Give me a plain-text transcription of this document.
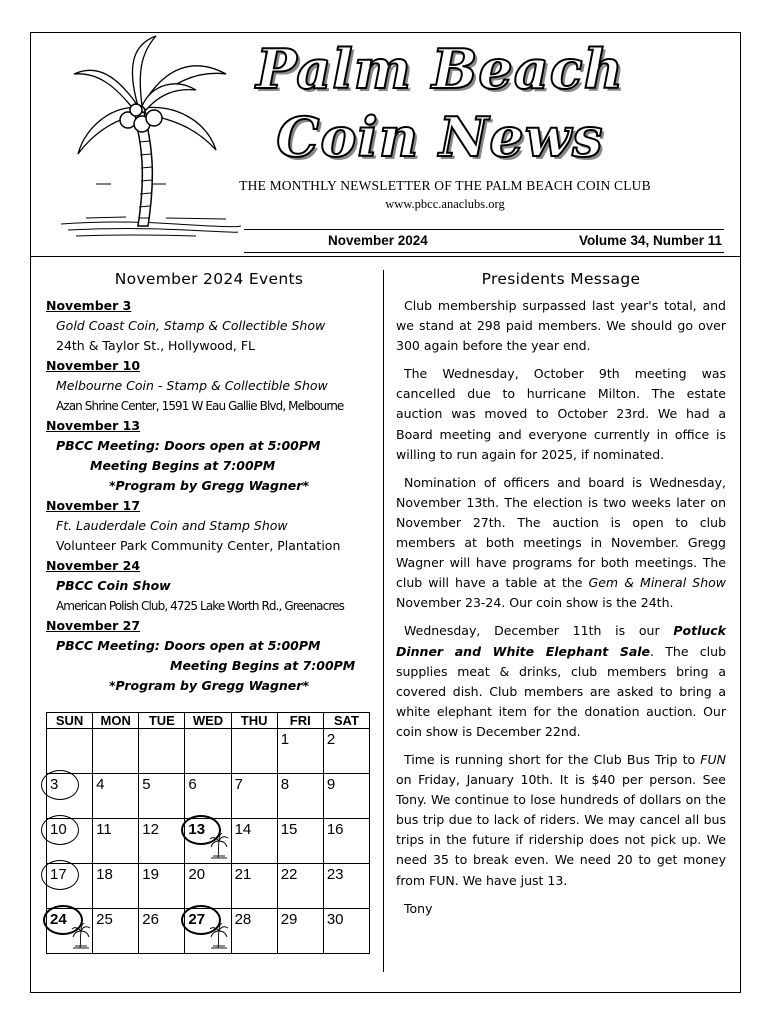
Palm Beach
Coin News
THE MONTHLY NEWSLETTER OF THE PALM BEACH COIN CLUB
www.pbcc.anaclubs.org
November 2024	Volume 34, Number 11
November 2024 Events
November 3
Gold Coast Coin, Stamp & Collectible Show
24th & Taylor St., Hollywood, FL
November 10
Melbourne Coin - Stamp & Collectible Show
Azan Shrine Center, 1591 W Eau Gallie Blvd, Melbourne
November 13
PBCC Meeting: Doors open at 5:00PM
Meeting Begins at 7:00PM
*Program by Gregg Wagner*
November 17
Ft. Lauderdale Coin and Stamp Show
Volunteer Park Community Center, Plantation
November 24
PBCC Coin Show
American Polish Club, 4725 Lake Worth Rd., Greenacres
November 27
PBCC Meeting: Doors open at 5:00PM
Meeting Begins at 7:00PM
*Program by Gregg Wagner*
SUN	MON	TUE	WED	THU	FRI	SAT
					1	2

3	4	5	6	7	8	9

10	11	12	13	14	15	16

17	18	19	20	21	22	23

24	25	26	27	28	29	30
Presidents Message

Club membership surpassed last year's total, and we stand at 298 paid members. We should go over 300 again before the year end.

The Wednesday, October 9th meeting was cancelled due to hurricane Milton. The estate auction was moved to October 23rd. We had a Board meeting and everyone currently in office is willing to run again for 2025, if nominated.

Nomination of officers and board is Wednesday, November 13th. The election is two weeks later on November 27th. The auction is open to club members at both meetings in November. Gregg Wagner will have programs for both meetings. The club will have a table at the Gem & Mineral Show November 23-24. Our coin show is the 24th.

Wednesday, December 11th is our Potluck Dinner and White Elephant Sale. The club supplies meat & drinks, club members bring a covered dish. Club members are asked to bring a white elephant item for the donation auction. Our coin show is December 22nd.

Time is running short for the Club Bus Trip to FUN on Friday, January 10th. It is $40 per person. See Tony. We continue to lose hundreds of dollars on the bus trip due to lack of riders. We may cancel all bus trips in the future if ridership does not pick up. We need 35 to break even. We need 20 to get money from FUN. We have just 13.

Tony
